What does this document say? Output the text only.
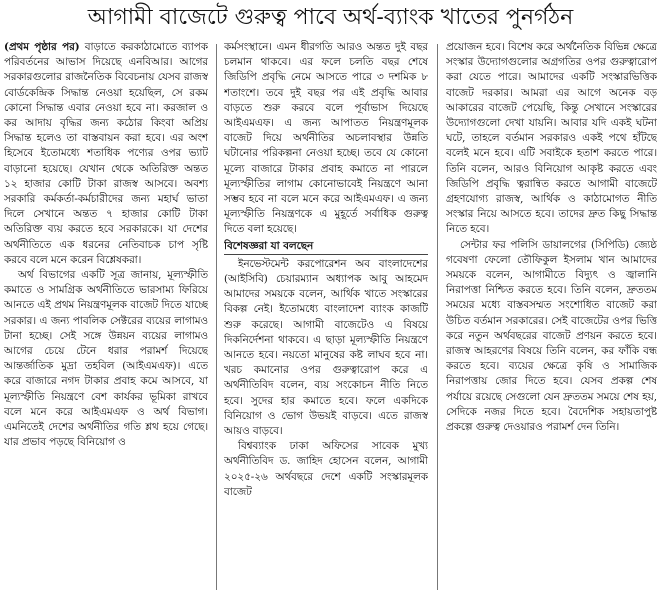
আগামী বাজেটে গুরুত্ব পাবে অর্থ-ব্যাংক খাতের পুনর্গঠন

(প্রথম পৃষ্ঠার পর) বাড়াতে করকাঠামোতে ব্যাপক পরিবর্তনের আভাস দিয়েছে এনবিআর। আগের সরকারগুলোর রাজনৈতিক বিবেচনায় যেসব রাজস্ব বোর্ডকেন্দ্রিক সিদ্ধান্ত নেওয়া হয়েছিল, সে রকম কোনো সিদ্ধান্ত এবার নেওয়া হবে না। করজাল ও কর আদায় বৃদ্ধির জন্য কঠোর কিংবা অপ্রিয় সিদ্ধান্ত হলেও তা বাস্তবায়ন করা হবে। এর অংশ হিসেবে ইতোমধ্যে শতাধিক পণ্যের ওপর ভ্যাট বাড়ানো হয়েছে। যেখান থেকে অতিরিক্ত অন্তত ১২ হাজার কোটি টাকা রাজস্ব আসবে। অবশ্য সরকারি কর্মকর্তা-কর্মচারীদের জন্য মহার্ঘ ভাতা দিলে সেখানে অন্তত ৭ হাজার কোটি টাকা অতিরিক্ত ব্যয় করতে হবে সরকারকে। যা দেশের অর্থনীতিতে এক ধরনের নেতিবাচক চাপ সৃষ্টি করবে বলে মনে করেন বিশ্লেষকরা।

অর্থ বিভাগের একটি সূত্র জানায়, মূল্যস্ফীতি কমাতে ও সামগ্রিক অর্থনীতিতে ভারসাম্য ফিরিয়ে আনতে এই প্রথম নিয়ন্ত্রণমূলক বাজেট দিতে যাচ্ছে সরকার। এ জন্য পাবলিক সেক্টরের ব্যয়ের লাগামও টানা হচ্ছে। সেই সঙ্গে উন্নয়ন ব্যয়ের লাগামও আগের চেয়ে টেনে ধরার পরামর্শ দিয়েছে আন্তর্জাতিক মুদ্রা তহবিল (আইএমএফ)। এতে করে বাজারে নগদ টাকার প্রবাহ কমে আসবে, যা মূল্যস্ফীতি নিয়ন্ত্রণে বেশ কার্যকর ভূমিকা রাখবে বলে মনে করে আইএমএফ ও অর্থ বিভাগ। এমনিতেই দেশের অর্থনীতির গতি শ্লথ হয়ে গেছে। যার প্রভাব পড়ছে বিনিয়োগ ও

কর্মসংস্থানে। এমন ধীরগতি আরও অন্তত দুই বছর চলমান থাকবে। এর ফলে চলতি বছর শেষে জিডিপি প্রবৃদ্ধি নেমে আসতে পারে ৩ দশমিক ৮ শতাংশে। তবে দুই বছর পর এই প্রবৃদ্ধি আবার বাড়তে শুরু করবে বলে পূর্বাভাস দিয়েছে আইএমএফ। এ জন্য আপাতত নিয়ন্ত্রণমূলক বাজেট দিয়ে অর্থনীতির অচলাবস্থার উন্নতি ঘটানোর পরিকল্পনা নেওয়া হচ্ছে। তবে যে কোনো মূল্যে বাজারে টাকার প্রবাহ কমাতে না পারলে মূল্যস্ফীতির লাগাম কোনোভাবেই নিয়ন্ত্রণে আনা সম্ভব হবে না বলে মনে করে আইএমএফ। এ জন্য মূল্যস্ফীতি নিয়ন্ত্রণকে এ মুহূর্তে সর্বাধিক গুরুত্ব দিতে বলা হয়েছে।

বিশেষজ্ঞরা যা বলছেন

ইনভেস্টমেন্ট করপোরেশন অব বাংলাদেশের (আইসিবি) চেয়ারম্যান অধ্যাপক আবু আহমেদ আমাদের সময়কে বলেন, আর্থিক খাতে সংস্কারের বিকল্প নেই। ইতোমধ্যে বাংলাদেশ ব্যাংক কাজটি শুরু করেছে। আগামী বাজেটেও এ বিষয়ে দিকনির্দেশনা থাকবে। এ ছাড়া মূল্যস্ফীতি নিয়ন্ত্রণে আনতে হবে। নয়তো মানুষের কষ্ট লাঘব হবে না। খরচ কমানোর ওপর গুরুত্বারোপ করে এ অর্থনীতিবিদ বলেন, ব্যয় সংকোচন নীতি নিতে হবে। সুদের হার কমাতে হবে। ফলে একদিকে বিনিয়োগ ও ভোগ উভয়ই বাড়বে। এতে রাজস্ব আয়ও বাড়বে।

বিশ্বব্যাংক ঢাকা অফিসের সাবেক মুখ্য অর্থনীতিবিদ ড. জাহিদ হোসেন বলেন, আগামী ২০২৫-২৬ অর্থবছরে দেশে একটি সংস্কারমূলক বাজেট

প্রয়োজন হবে। বিশেষ করে অর্থনৈতিক বিভিন্ন ক্ষেত্রে সংস্কার উদ্যোগগুলোর অগ্রগতির ওপর গুরুত্বারোপ করা যেতে পারে। আমাদের একটি সংস্কারভিত্তিক বাজেট দরকার। আমরা এর আগে অনেক বড় আকারের বাজেট পেয়েছি, কিন্তু সেখানে সংস্কারের উদ্যোগগুলো দেখা যায়নি। আবার যদি একই ঘটনা ঘটে, তাহলে বর্তমান সরকারও একই পথে হাঁটছে বলেই মনে হবে। এটি সবাইকে হতাশ করতে পারে। তিনি বলেন, আরও বিনিয়োগ আকৃষ্ট করতে এবং জিডিপি প্রবৃদ্ধি ত্বরান্বিত করতে আগামী বাজেটে গ্রহণযোগ্য রাজস্ব, আর্থিক ও কাঠামোগত নীতি সংস্কার নিয়ে আসতে হবে। তাদের দ্রুত কিছু সিদ্ধান্ত নিতে হবে।

সেন্টার ফর পলিসি ডায়ালগের (সিপিডি) জ্যেষ্ঠ গবেষণা ফেলো তৌফিকুল ইসলাম খান আমাদের সময়কে বলেন, আগামীতে বিদ্যুৎ ও জ্বালানি নিরাপত্তা নিশ্চিত করতে হবে। তিনি বলেন, দ্রুততম সময়ের মধ্যে বাস্তবসম্মত সংশোধিত বাজেট করা উচিত বর্তমান সরকারের। সেই বাজেটের ওপর ভিত্তি করে নতুন অর্থবছরের বাজেট প্রণয়ন করতে হবে। রাজস্ব আহরণের বিষয়ে তিনি বলেন, কর ফাঁকি বন্ধ করতে হবে। ব্যয়ের ক্ষেত্রে কৃষি ও সামাজিক নিরাপত্তায় জোর দিতে হবে। যেসব প্রকল্প শেষ পর্যায়ে রয়েছে সেগুলো যেন দ্রুততম সময়ে শেষ হয়, সেদিকে নজর দিতে হবে। বৈদেশিক সহায়তাপুষ্ট প্রকল্পে গুরুত্ব দেওয়ারও পরামর্শ দেন তিনি।
